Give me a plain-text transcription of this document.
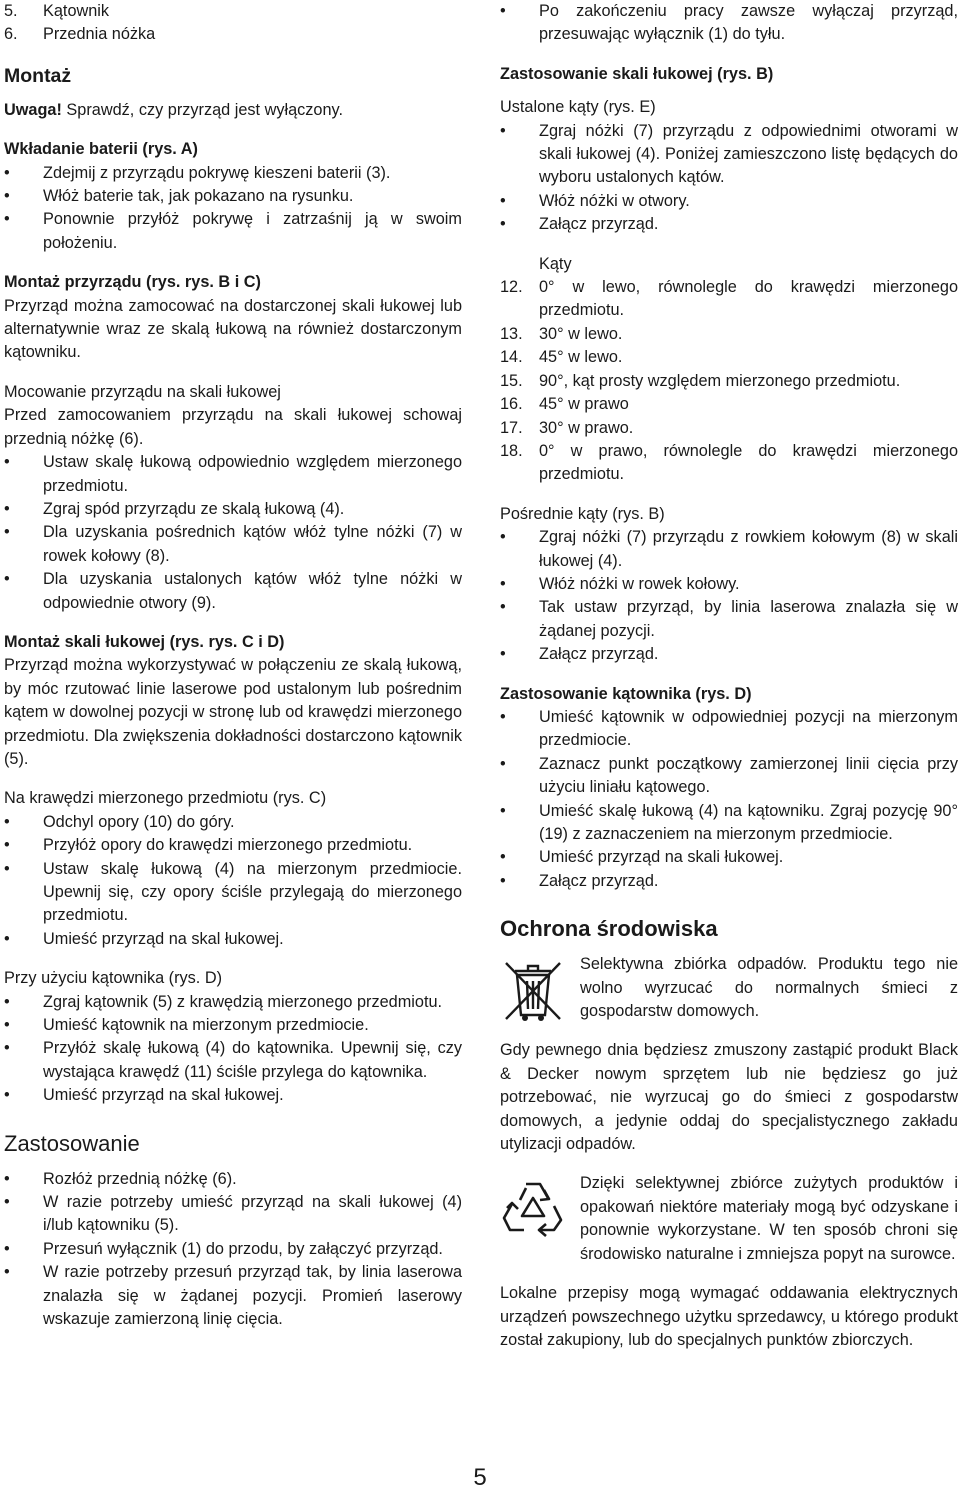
5. Kątownik
6. Przednia nóżka
Montaż

Uwaga! Sprawdź, czy przyrząd jest wyłączony.

Wkładanie baterii (rys. A)

• Zdejmij z przyrządu pokrywę kieszeni baterii (3).
• Włóż baterie tak, jak pokazano na rysunku.
• Ponownie przyłóż pokrywę i zatrzaśnij ją w swoim położeniu.

Montaż przyrządu (rys. rys. B i C)

Przyrząd można zamocować na dostarczonej skali łukowej lub alternatywnie wraz ze skalą łukową na również dostarczonym kątowniku.

Mocowanie przyrządu na skali łukowej

Przed zamocowaniem przyrządu na skali łukowej schowaj przednią nóżkę (6).

• Ustaw skalę łukową odpowiednio względem mierzonego przedmiotu.
• Zgraj spód przyrządu ze skalą łukową (4).
• Dla uzyskania pośrednich kątów włóż tylne nóżki (7) w rowek kołowy (8).
• Dla uzyskania ustalonych kątów włóż tylne nóżki w odpowiednie otwory (9).

Montaż skali łukowej (rys. rys. C i D)

Przyrząd można wykorzystywać w połączeniu ze skalą łukową, by móc rzutować linie laserowe pod ustalonym lub pośrednim kątem w dowolnej pozycji w stronę lub od krawędzi mierzonego przedmiotu. Dla zwiększenia dokładności dostarczono kątownik (5).

Na krawędzi mierzonego przedmiotu (rys. C)

• Odchyl opory (10) do góry.
• Przyłóż opory do krawędzi mierzonego przedmiotu.
• Ustaw skalę łukową (4) na mierzonym przedmiocie. Upewnij się, czy opory ściśle przylegają do mierzonego przedmiotu.
• Umieść przyrząd na skal łukowej.

Przy użyciu kątownika (rys. D)

• Zgraj kątownik (5) z krawędzią mierzonego przedmiotu.
• Umieść kątownik na mierzonym przedmiocie.
• Przyłóż skalę łukową (4) do kątownika. Upewnij się, czy wystająca krawędź (11) ściśle przylega do kątownika.
• Umieść przyrząd na skal łukowej.
Zastosowanie
• Rozłóż przednią nóżkę (6).
• W razie potrzeby umieść przyrząd na skali łukowej (4) i/lub kątowniku (5).
• Przesuń wyłącznik (1) do przodu, by załączyć przyrząd.
• W razie potrzeby przesuń przyrząd tak, by linia laserowa znalazła się w żądanej pozycji. Promień laserowy wskazuje zamierzoną linię cięcia.
• Po zakończeniu pracy zawsze wyłączaj przyrząd, przesuwając wyłącznik (1) do tyłu.

Zastosowanie skali łukowej (rys. B)

Ustalone kąty (rys. E)

• Zgraj nóżki (7) przyrządu z odpowiednimi otworami w skali łukowej (4). Poniżej zamieszczono listę będących do wyboru ustalonych kątów.
• Włóż nóżki w otwory.
• Załącz przyrząd.

Kąty

12. 0° w lewo, równolegle do krawędzi mierzonego przedmiotu.
13. 30° w lewo.
14. 45° w lewo.
15. 90°, kąt prosty względem mierzonego przedmiotu.
16. 45° w prawo
17. 30° w prawo.
18. 0° w prawo, równolegle do krawędzi mierzonego przedmiotu.

Pośrednie kąty (rys. B)

• Zgraj nóżki (7) przyrządu z rowkiem kołowym (8) w skali łukowej (4).
• Włóż nóżki w rowek kołowy.
• Tak ustaw przyrząd, by linia laserowa znalazła się w żądanej pozycji.
• Załącz przyrząd.

Zastosowanie kątownika (rys. D)

• Umieść kątownik w odpowiedniej pozycji na mierzonym przedmiocie.
• Zaznacz punkt początkowy zamierzonej linii cięcia przy użyciu liniału kątowego.
• Umieść skalę łukową (4) na kątowniku. Zgraj pozycję 90° (19) z zaznaczeniem na mierzonym przedmiocie.
• Umieść przyrząd na skali łukowej.
• Załącz przyrząd.
Ochrona środowiska

Selektywna zbiórka odpadów. Produktu tego nie wolno wyrzucać do normalnych śmieci z gospodarstw domowych.

Gdy pewnego dnia będziesz zmuszony zastąpić produkt Black & Decker nowym sprzętem lub nie będziesz go już potrzebować, nie wyrzucaj go do śmieci z gospodarstw domowych, a jedynie oddaj do specjalistycznego zakładu utylizacji odpadów.

Dzięki selektywnej zbiórce zużytych produktów i opakowań niektóre materiały mogą być odzyskane i ponownie wykorzystane. W ten sposób chroni się środowisko naturalne i zmniejsza popyt na surowce.

Lokalne przepisy mogą wymagać oddawania elektrycznych urządzeń powszechnego użytku sprzedawcy, u którego produkt został zakupiony, lub do specjalnych punktów zbiorczych.

5
